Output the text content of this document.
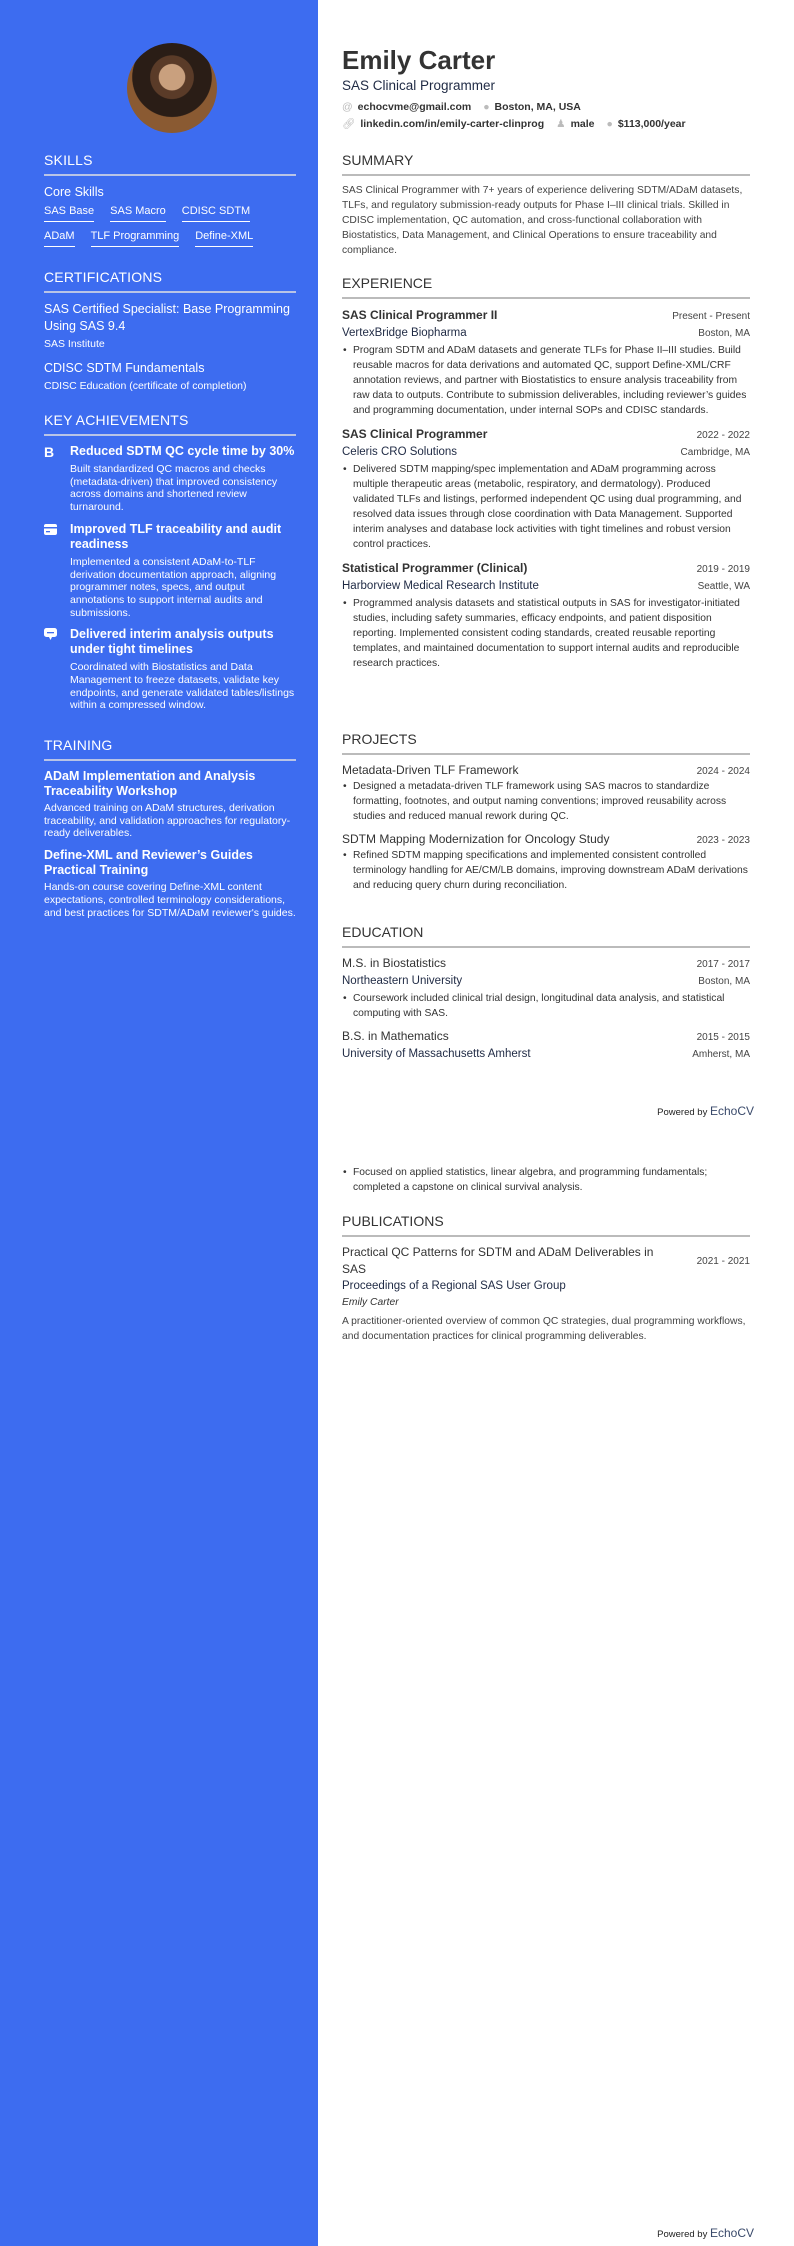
SKILLS
Core Skills
SAS Base SAS Macro CDISC SDTM
ADaM TLF Programming Define-XML
CERTIFICATIONS
SAS Certified Specialist: Base Programming Using SAS 9.4
SAS Institute
CDISC SDTM Fundamentals
CDISC Education (certificate of completion)
KEY ACHIEVEMENTS
B	Reduced SDTM QC cycle time by 30%
Built standardized QC macros and checks (metadata-driven) that improved consistency across domains and shortened review turnaround.
Improved TLF traceability and audit readiness
Implemented a consistent ADaM-to-TLF derivation documentation approach, aligning programmer notes, specs, and output annotations to support internal audits and submissions.
Delivered interim analysis outputs under tight timelines
Coordinated with Biostatistics and Data Management to freeze datasets, validate key endpoints, and generate validated tables/listings within a compressed window.
TRAINING
ADaM Implementation and Analysis Traceability Workshop
Advanced training on ADaM structures, derivation traceability, and validation approaches for regulatory-ready deliverables.
Define-XML and Reviewer’s Guides Practical Training
Hands-on course covering Define-XML content expectations, controlled terminology considerations, and best practices for SDTM/ADaM reviewer's guides.
Emily Carter
SAS Clinical Programmer
@ echocvme@gmail.com ● Boston, MA, USA
🔗︎ linkedin.com/in/emily-carter-clinprog ♟ male ● $113,000/year
SUMMARY
SAS Clinical Programmer with 7+ years of experience delivering SDTM/ADaM datasets, TLFs, and regulatory submission-ready outputs for Phase I–III clinical trials. Skilled in CDISC implementation, QC automation, and cross-functional collaboration with Biostatistics, Data Management, and Clinical Operations to ensure traceability and compliance.
EXPERIENCE
SAS Clinical Programmer II	Present - Present
VertexBridge Biopharma	Boston, MA
• Program SDTM and ADaM datasets and generate TLFs for Phase II–III studies. Build reusable macros for data derivations and automated QC, support Define-XML/CRF annotation reviews, and partner with Biostatistics to ensure analysis traceability from raw data to outputs. Contribute to submission deliverables, including reviewer’s guides and programming documentation, under internal SOPs and CDISC standards.
SAS Clinical Programmer	2022 - 2022
Celeris CRO Solutions	Cambridge, MA
• Delivered SDTM mapping/spec implementation and ADaM programming across multiple therapeutic areas (metabolic, respiratory, and dermatology). Produced validated TLFs and listings, performed independent QC using dual programming, and resolved data issues through close coordination with Data Management. Supported interim analyses and database lock activities with tight timelines and robust version control practices.
Statistical Programmer (Clinical)	2019 - 2019
Harborview Medical Research Institute	Seattle, WA
• Programmed analysis datasets and statistical outputs in SAS for investigator-initiated studies, including safety summaries, efficacy endpoints, and patient disposition reporting. Implemented consistent coding standards, created reusable reporting templates, and maintained documentation to support internal audits and reproducible research practices.
PROJECTS
Metadata-Driven TLF Framework	2024 - 2024
• Designed a metadata-driven TLF framework using SAS macros to standardize formatting, footnotes, and output naming conventions; improved reusability across studies and reduced manual rework during QC.
SDTM Mapping Modernization for Oncology Study	2023 - 2023
• Refined SDTM mapping specifications and implemented consistent controlled terminology handling for AE/CM/LB domains, improving downstream ADaM derivations and reducing query churn during reconciliation.
EDUCATION
M.S. in Biostatistics	2017 - 2017
Northeastern University	Boston, MA
• Coursework included clinical trial design, longitudinal data analysis, and statistical computing with SAS.
B.S. in Mathematics	2015 - 2015
University of Massachusetts Amherst	Amherst, MA
Powered by EchoCV
• Focused on applied statistics, linear algebra, and programming fundamentals; completed a capstone on clinical survival analysis.
PUBLICATIONS
Practical QC Patterns for SDTM and ADaM Deliverables in SAS
2021 - 2021
Proceedings of a Regional SAS User Group
Emily Carter
A practitioner-oriented overview of common QC strategies, dual programming workflows, and documentation practices for clinical programming deliverables.
Powered by EchoCV
